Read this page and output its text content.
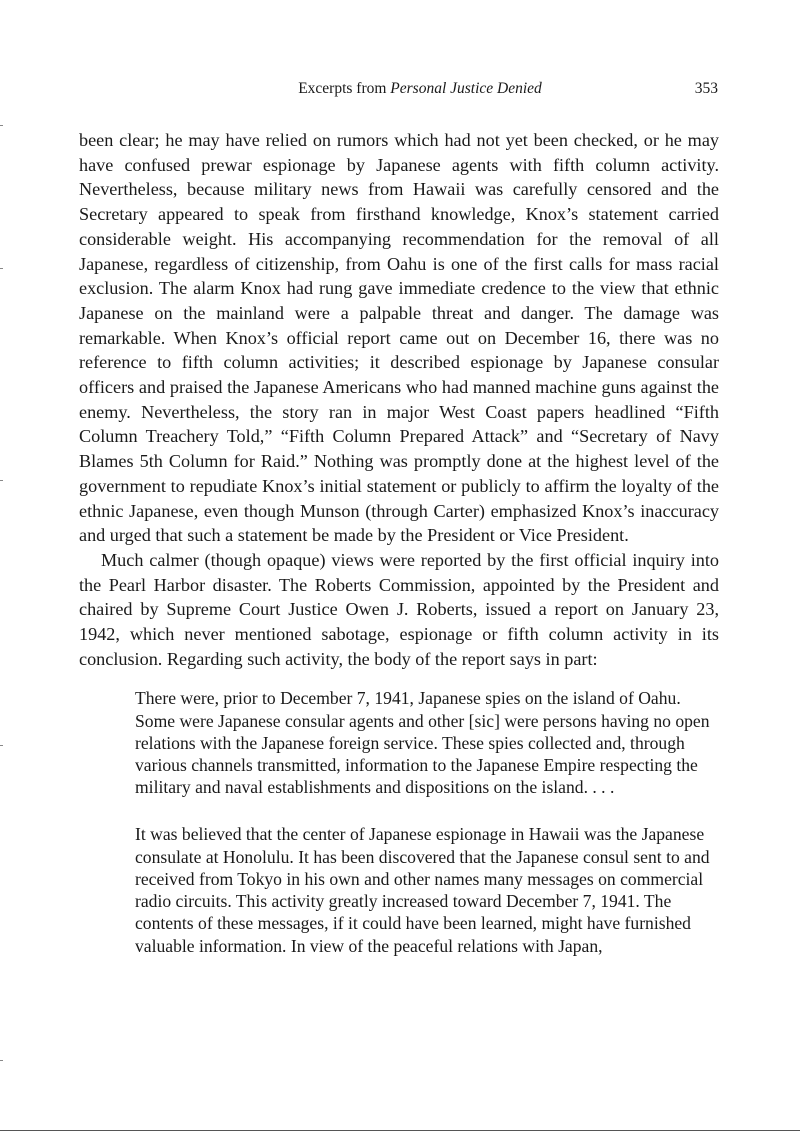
Excerpts from Personal Justice Denied	353

been clear; he may have relied on rumors which had not yet been checked, or he may have confused prewar espionage by Japanese agents with fifth column activity. Nevertheless, because military news from Hawaii was carefully censored and the Secretary appeared to speak from firsthand knowledge, Knox’s statement carried considerable weight. His accompanying recommendation for the removal of all Japanese, regardless of citizenship, from Oahu is one of the first calls for mass racial exclusion. The alarm Knox had rung gave immediate credence to the view that ethnic Japanese on the mainland were a palpable threat and danger. The damage was remarkable. When Knox’s official report came out on December 16, there was no reference to fifth column activities; it described espionage by Japanese consular officers and praised the Japanese Americans who had manned machine guns against the enemy. Nevertheless, the story ran in major West Coast papers headlined “Fifth Column Treachery Told,” “Fifth Column Prepared Attack” and “Secretary of Navy Blames 5th Column for Raid.” Nothing was promptly done at the highest level of the government to repudiate Knox’s initial statement or publicly to affirm the loyalty of the ethnic Japanese, even though Munson (through Carter) emphasized Knox’s inaccuracy and urged that such a statement be made by the President or Vice President.

Much calmer (though opaque) views were reported by the first official inquiry into the Pearl Harbor disaster. The Roberts Commission, appointed by the President and chaired by Supreme Court Justice Owen J. Roberts, issued a report on January 23, 1942, which never mentioned sabotage, espionage or fifth column activity in its conclusion. Regarding such activity, the body of the report says in part:

There were, prior to December 7, 1941, Japanese spies on the island of Oahu. Some were Japanese consular agents and other [sic] were persons having no open relations with the Japanese foreign service. These spies collected and, through various channels transmitted, information to the Japanese Empire respecting the military and naval establishments and dispositions on the island. . . .

It was believed that the center of Japanese espionage in Hawaii was the Japanese consulate at Honolulu. It has been discovered that the Japanese consul sent to and received from Tokyo in his own and other names many messages on commercial radio circuits. This activity greatly increased toward December 7, 1941. The contents of these messages, if it could have been learned, might have furnished valuable information. In view of the peaceful relations with Japan,
